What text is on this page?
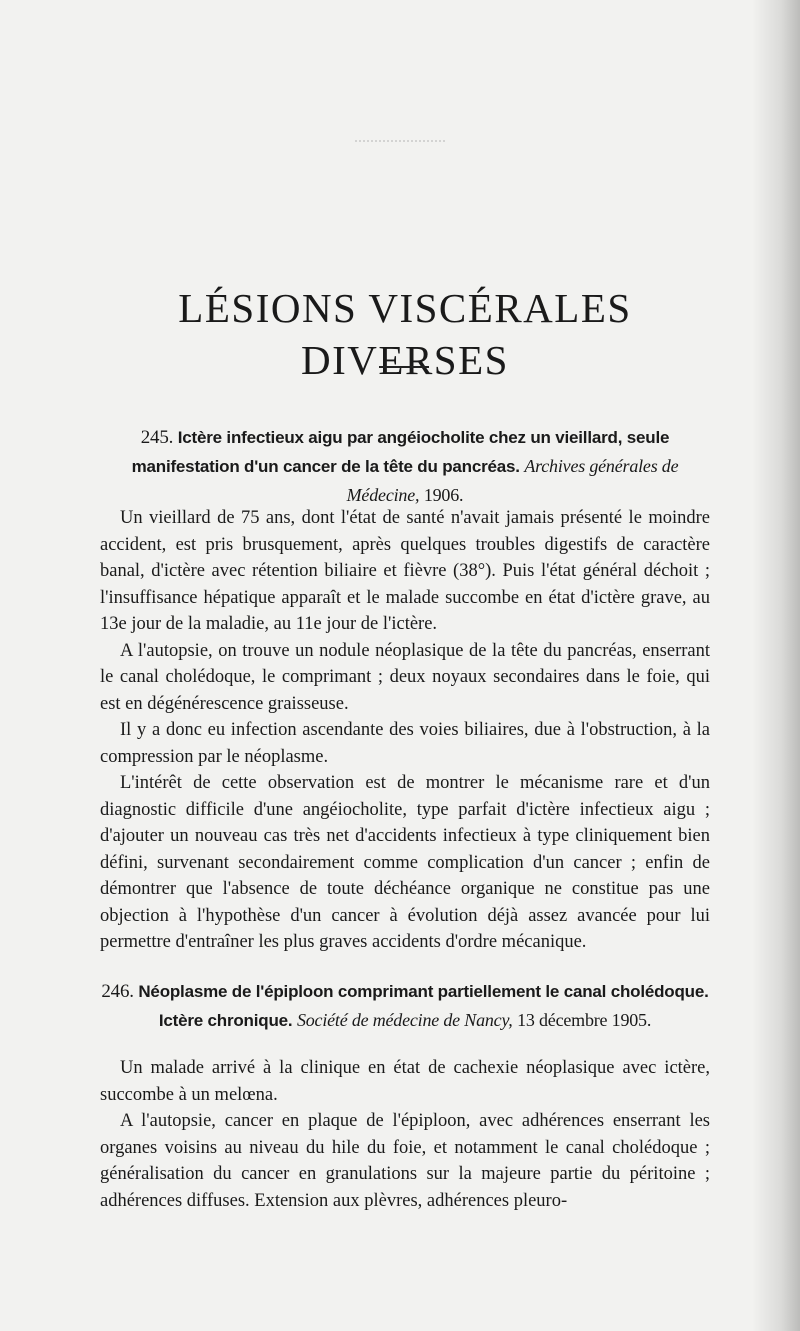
LÉSIONS VISCÉRALES DIVERSES
245. Ictère infectieux aigu par angéiocholite chez un vieillard, seule manifestation d'un cancer de la tête du pancréas. Archives générales de Médecine, 1906.

Un vieillard de 75 ans, dont l'état de santé n'avait jamais présenté le moindre accident, est pris brusquement, après quelques troubles digestifs de caractère banal, d'ictère avec rétention biliaire et fièvre (38°). Puis l'état général déchoit ; l'insuffisance hépatique apparaît et le malade succombe en état d'ictère grave, au 13e jour de la maladie, au 11e jour de l'ictère.

A l'autopsie, on trouve un nodule néoplasique de la tête du pancréas, enserrant le canal cholédoque, le comprimant ; deux noyaux secondaires dans le foie, qui est en dégénérescence graisseuse.

Il y a donc eu infection ascendante des voies biliaires, due à l'obstruction, à la compression par le néoplasme.

L'intérêt de cette observation est de montrer le mécanisme rare et d'un diagnostic difficile d'une angéiocholite, type parfait d'ictère infectieux aigu ; d'ajouter un nouveau cas très net d'accidents infectieux à type cliniquement bien défini, survenant secondairement comme complication d'un cancer ; enfin de démontrer que l'absence de toute déchéance organique ne constitue pas une objection à l'hypothèse d'un cancer à évolution déjà assez avancée pour lui permettre d'entraîner les plus graves accidents d'ordre mécanique.

246. Néoplasme de l'épiploon comprimant partiellement le canal cholédoque. Ictère chronique. Société de médecine de Nancy, 13 décembre 1905.

Un malade arrivé à la clinique en état de cachexie néoplasique avec ictère, succombe à un melœna.

A l'autopsie, cancer en plaque de l'épiploon, avec adhérences enserrant les organes voisins au niveau du hile du foie, et notamment le canal cholédoque ; généralisation du cancer en granulations sur la majeure partie du péritoine ; adhérences diffuses. Extension aux plèvres, adhérences pleuro-
